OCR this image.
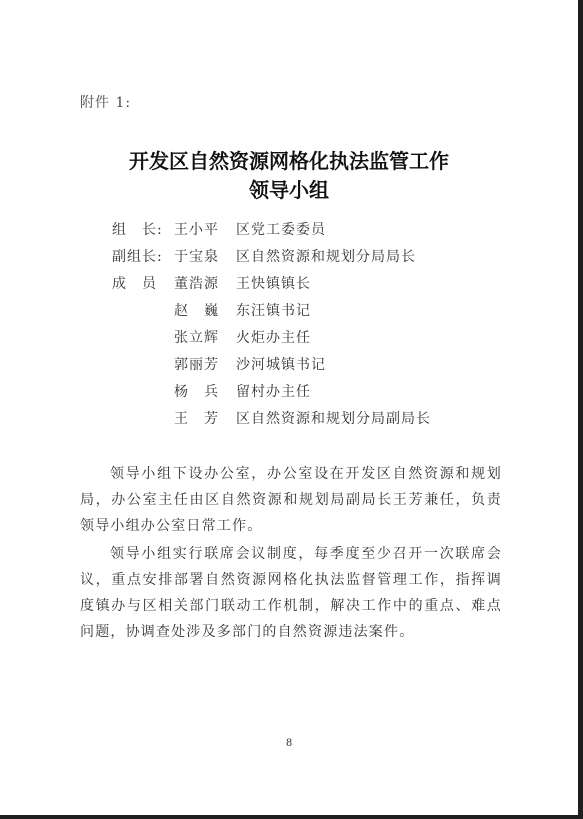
附件 1:
开发区自然资源网格化执法监管工作
领导小组
组　长: 王小平 区党工委委员
副组长: 于宝泉 区自然资源和规划分局局长
成　员 董浩源 王快镇镇长
赵　巍 东汪镇书记
张立辉 火炬办主任
郭丽芳 沙河城镇书记
杨　兵 留村办主任
王　芳 区自然资源和规划分局副局长
领导小组下设办公室，办公室设在开发区自然资源和规划局，办公室主任由区自然资源和规划局副局长王芳兼任，负责领导小组办公室日常工作。
领导小组实行联席会议制度，每季度至少召开一次联席会议，重点安排部署自然资源网格化执法监督管理工作，指挥调度镇办与区相关部门联动工作机制，解决工作中的重点、难点问题，协调查处涉及多部门的自然资源违法案件。
8
